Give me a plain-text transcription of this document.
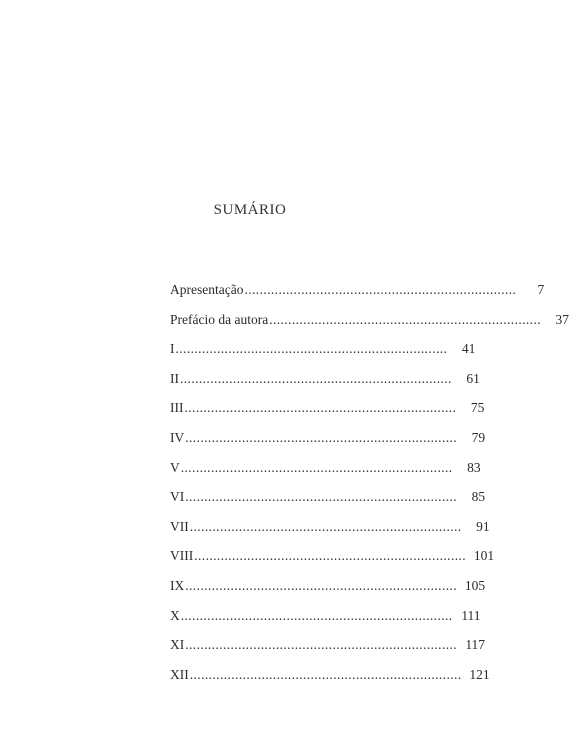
SUMÁRIO
Apresentação ........................................................................	7
Prefácio da autora ........................................................................	37
I ........................................................................	41
II ........................................................................	61
III ........................................................................	75
IV ........................................................................	79
V ........................................................................	83
VI ........................................................................	85
VII ........................................................................	91
VIII ........................................................................ 101
IX ........................................................................ 105
X ........................................................................ 111
XI ........................................................................ 117
XII ........................................................................ 121
